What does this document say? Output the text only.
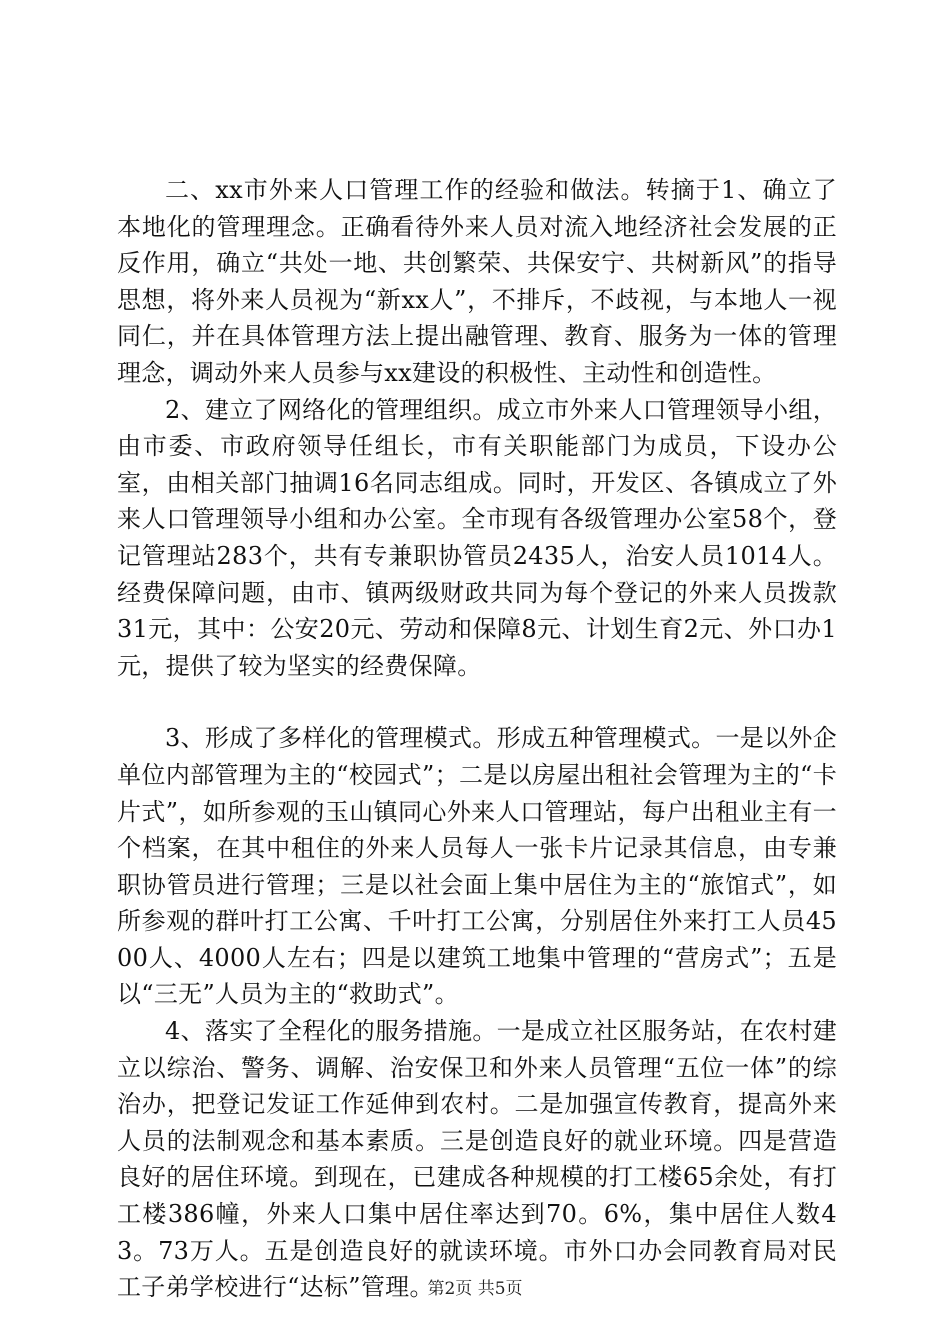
二、xx市外来人口管理工作的经验和做法。转摘于1、确立了本地化的管理理念。正确看待外来人员对流入地经济社会发展的正反作用，确立“共处一地、共创繁荣、共保安宁、共树新风”的指导思想，将外来人员视为“新xx人”，不排斥，不歧视，与本地人一视同仁，并在具体管理方法上提出融管理、教育、服务为一体的管理理念，调动外来人员参与xx建设的积极性、主动性和创造性。

2、建立了网络化的管理组织。成立市外来人口管理领导小组，由市委、市政府领导任组长，市有关职能部门为成员，下设办公室，由相关部门抽调16名同志组成。同时，开发区、各镇成立了外来人口管理领导小组和办公室。全市现有各级管理办公室58个，登记管理站283个，共有专兼职协管员2435人，治安人员1014人。经费保障问题，由市、镇两级财政共同为每个登记的外来人员拨款31元，其中：公安20元、劳动和保障8元、计划生育2元、外口办1元，提供了较为坚实的经费保障。

3、形成了多样化的管理模式。形成五种管理模式。一是以外企单位内部管理为主的“校园式”；二是以房屋出租社会管理为主的“卡片式”，如所参观的玉山镇同心外来人口管理站，每户出租业主有一个档案，在其中租住的外来人员每人一张卡片记录其信息，由专兼职协管员进行管理；三是以社会面上集中居住为主的“旅馆式”，如所参观的群叶打工公寓、千叶打工公寓，分别居住外来打工人员4500人、4000人左右；四是以建筑工地集中管理的“营房式”；五是以“三无”人员为主的“救助式”。

4、落实了全程化的服务措施。一是成立社区服务站，在农村建立以综治、警务、调解、治安保卫和外来人员管理“五位一体”的综治办，把登记发证工作延伸到农村。二是加强宣传教育，提高外来人员的法制观念和基本素质。三是创造良好的就业环境。四是营造良好的居住环境。到现在，已建成各种规模的打工楼65余处，有打工楼386幢，外来人口集中居住率达到70。6%，集中居住人数43。73万人。五是创造良好的就读环境。市外口办会同教育局对民工子弟学校进行“达标”管理。

第2页 共5页
